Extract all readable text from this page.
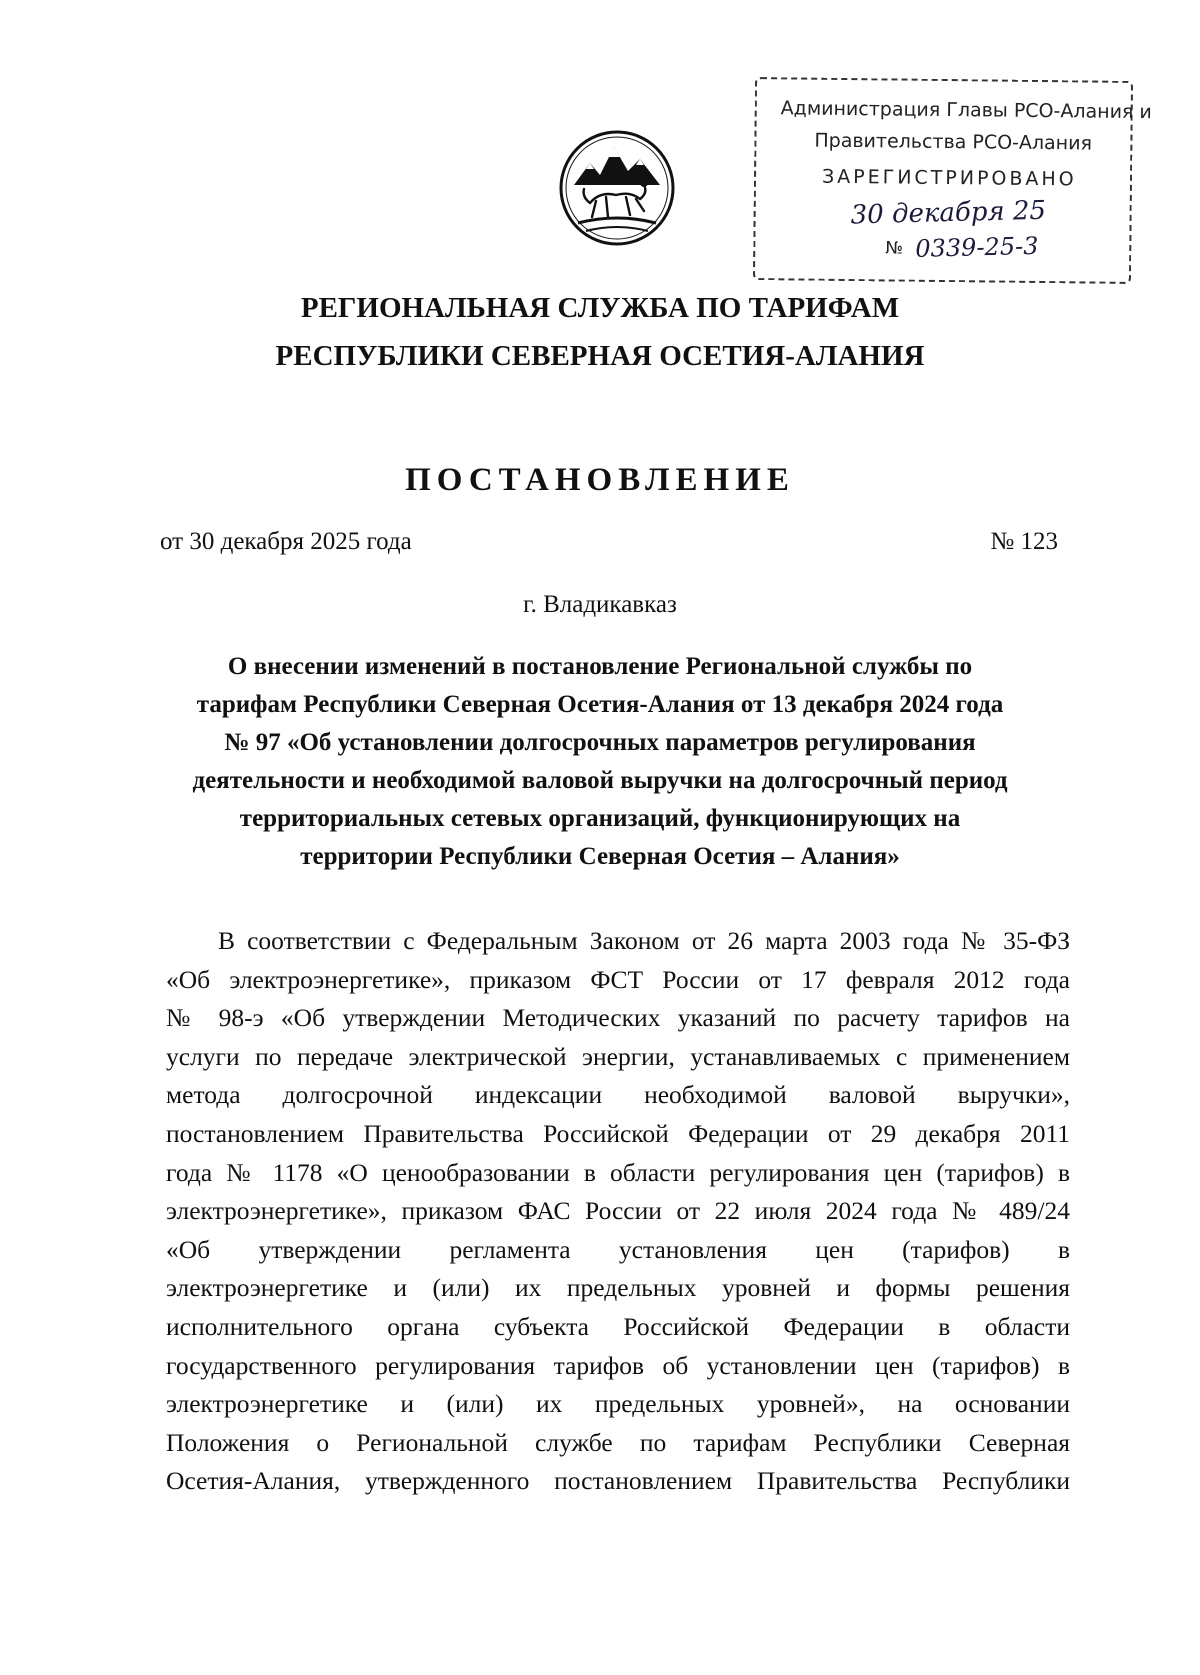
Администрация Главы РСО-Алания и
Правительства РСО-Алания
ЗАРЕГИСТРИРОВАНО
30 декабря 25
№ 0339-25-3
РЕГИОНАЛЬНАЯ СЛУЖБА ПО ТАРИФАМ
РЕСПУБЛИКИ СЕВЕРНАЯ ОСЕТИЯ-АЛАНИЯ
ПОСТАНОВЛЕНИЕ
от 30 декабря 2025 года	№ 123
г. Владикавказ
О внесении изменений в постановление Региональной службы по
тарифам Республики Северная Осетия-Алания от 13 декабря 2024 года
№ 97 «Об установлении долгосрочных параметров регулирования
деятельности и необходимой валовой выручки на долгосрочный период
территориальных сетевых организаций, функционирующих на
территории Республики Северная Осетия – Алания»
В соответствии с Федеральным Законом от 26 марта 2003 года № 35-ФЗ
«Об электроэнергетике», приказом ФСТ России от 17 февраля 2012 года
№ 98-э «Об утверждении Методических указаний по расчету тарифов на
услуги по передаче электрической энергии, устанавливаемых с применением
метода долгосрочной индексации необходимой валовой выручки»,
постановлением Правительства Российской Федерации от 29 декабря 2011
года № 1178 «О ценообразовании в области регулирования цен (тарифов) в
электроэнергетике», приказом ФАС России от 22 июля 2024 года № 489/24
«Об утверждении регламента установления цен (тарифов) в
электроэнергетике и (или) их предельных уровней и формы решения
исполнительного органа субъекта Российской Федерации в области
государственного регулирования тарифов об установлении цен (тарифов) в
электроэнергетике и (или) их предельных уровней», на основании
Положения о Региональной службе по тарифам Республики Северная
Осетия-Алания, утвержденного постановлением Правительства Республики
